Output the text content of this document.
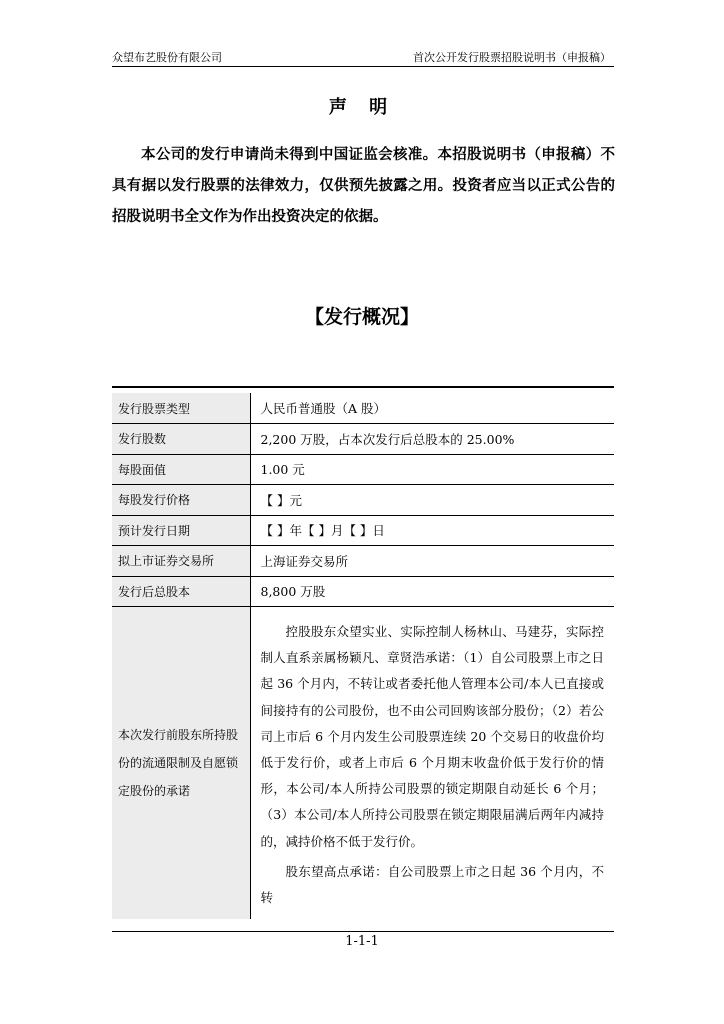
众望布艺股份有限公司	首次公开发行股票招股说明书（申报稿）
声 明

本公司的发行申请尚未得到中国证监会核准。本招股说明书（申报稿）不具有据以发行股票的法律效力，仅供预先披露之用。投资者应当以正式公告的招股说明书全文作为作出投资决定的依据。

【发行概况】
发行股票类型	人民币普通股（A 股）
发行股数	2,200 万股，占本次发行后总股本的 25.00%
每股面值	1.00 元
每股发行价格	【 】元
预计发行日期	【 】年【 】月【 】日
拟上市证券交易所	上海证券交易所
发行后总股本	8,800 万股
本次发行前股东所持股份的流通限制及自愿锁定股份的承诺	控股股东众望实业、实际控制人杨林山、马建芬，实际控制人直系亲属杨颖凡、章贤浩承诺：（1）自公司股票上市之日起 36 个月内，不转让或者委托他人管理本公司/本人已直接或间接持有的公司股份，也不由公司回购该部分股份；（2）若公司上市后 6 个月内发生公司股票连续 20 个交易日的收盘价均低于发行价，或者上市后 6 个月期末收盘价低于发行价的情形，本公司/本人所持公司股票的锁定期限自动延长 6 个月；（3）本公司/本人所持公司股票在锁定期限届满后两年内减持的，减持价格不低于发行价。

股东望高点承诺：自公司股票上市之日起 36 个月内，不转

1-1-1
